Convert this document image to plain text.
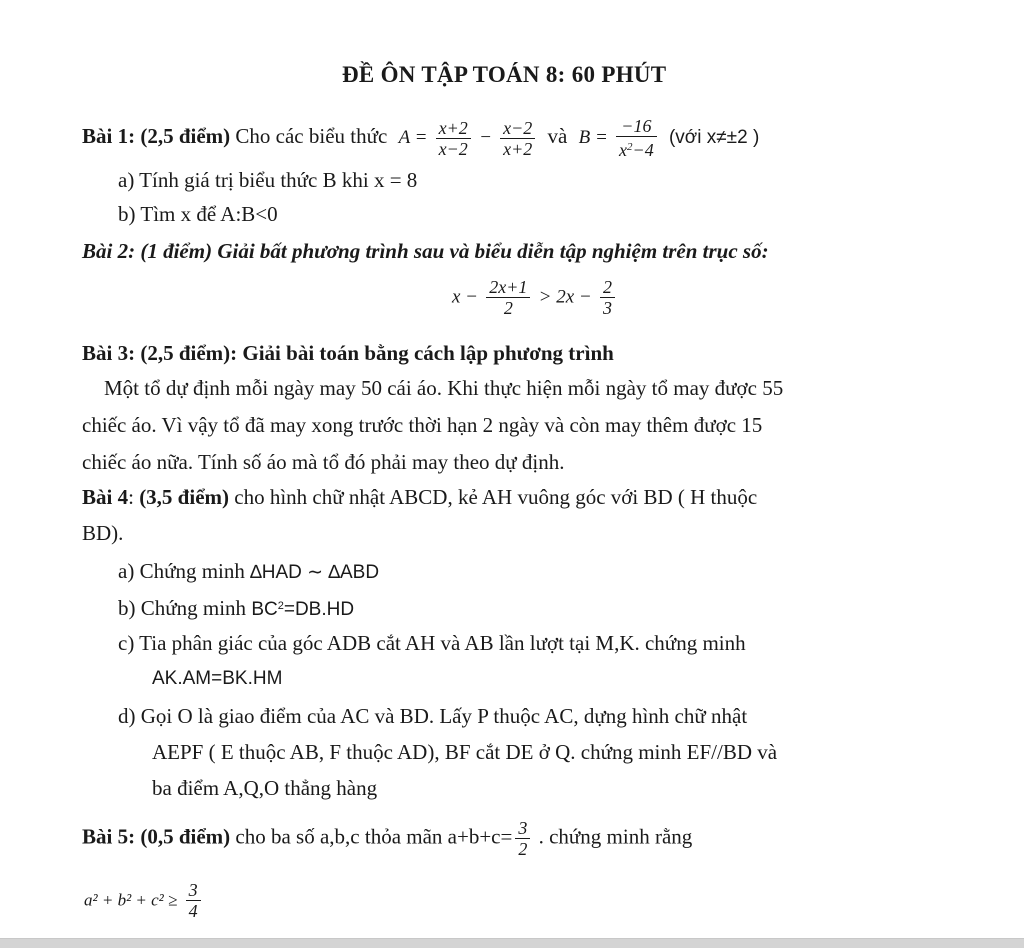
ĐỀ ÔN TẬP TOÁN 8: 60 PHÚT
Bài 1: (2,5 điểm) Cho các biểu thức $A = \frac{x+2}{x-2} - \frac{x-2}{x+2}$ và $B = \frac{-16}{x^2-4}$ (với x≠±2 )
a) Tính giá trị biểu thức B khi x = 8
b) Tìm x để A:B<0
Bài 2: (1 điểm) Giải bất phương trình sau và biểu diễn tập nghiệm trên trục số:
$x - \frac{2x+1}{2} > 2x - \frac{2}{3}$
Bài 3: (2,5 điểm): Giải bài toán bằng cách lập phương trình
Một tổ dự định mỗi ngày may 50 cái áo. Khi thực hiện mỗi ngày tổ may được 55
chiếc áo. Vì vậy tổ đã may xong trước thời hạn 2 ngày và còn may thêm được 15
chiếc áo nữa. Tính số áo mà tổ đó phải may theo dự định.
Bài 4: (3,5 điểm) cho hình chữ nhật ABCD, kẻ AH vuông góc với BD ( H thuộc
BD).
a) Chứng minh ∆HAD ∼ ∆ABD
b) Chứng minh $BC^2=DB.HD$
c) Tia phân giác của góc ADB cắt AH và AB lần lượt tại M,K. chứng minh
AK.AM=BK.HM
d) Gọi O là giao điểm của AC và BD. Lấy P thuộc AC, dựng hình chữ nhật
AEPF ( E thuộc AB, F thuộc AD), BF cắt DE ở Q. chứng minh EF//BD và
ba điểm A,Q,O thẳng hàng
Bài 5: (0,5 điểm) cho ba số a,b,c thỏa mãn $a+b+c= \frac{3}{2}$ . chứng minh rằng
$a^2 + b^2 + c^2 \ge \frac{3}{4}$
